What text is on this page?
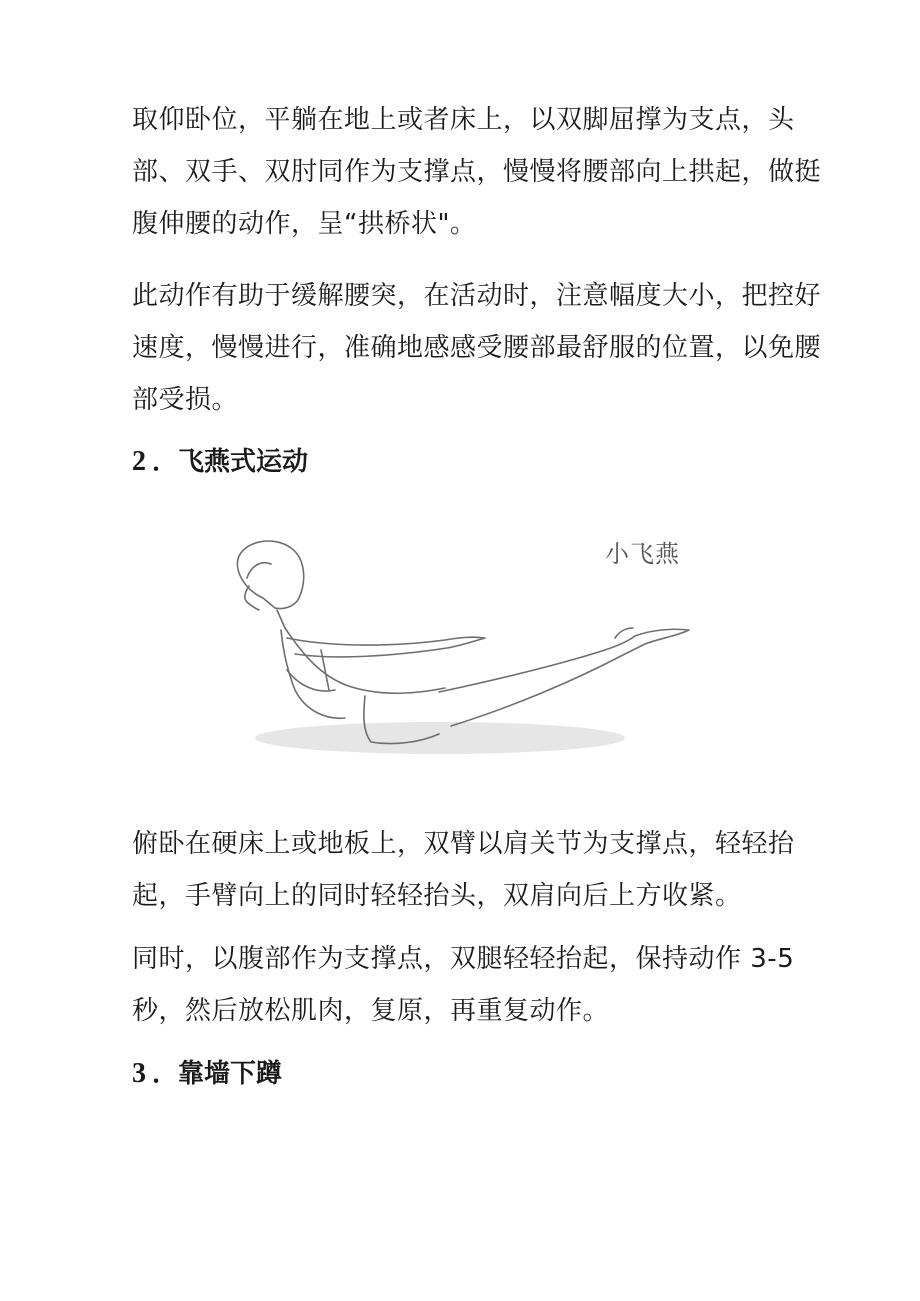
取仰卧位，平躺在地上或者床上，以双脚屈撑为支点，头部、双手、双肘同作为支撑点，慢慢将腰部向上拱起，做挺腹伸腰的动作，呈“拱桥状"。

此动作有助于缓解腰突，在活动时，注意幅度大小，把控好速度，慢慢进行，准确地感感受腰部最舒服的位置，以免腰部受损。

2 ．飞燕式运动
小飞燕

俯卧在硬床上或地板上，双臂以肩关节为支撑点，轻轻抬起，手臂向上的同时轻轻抬头，双肩向后上方收紧。

同时，以腹部作为支撑点，双腿轻轻抬起，保持动作 3-5 秒，然后放松肌肉，复原，再重复动作。

3 ．靠墙下蹲
